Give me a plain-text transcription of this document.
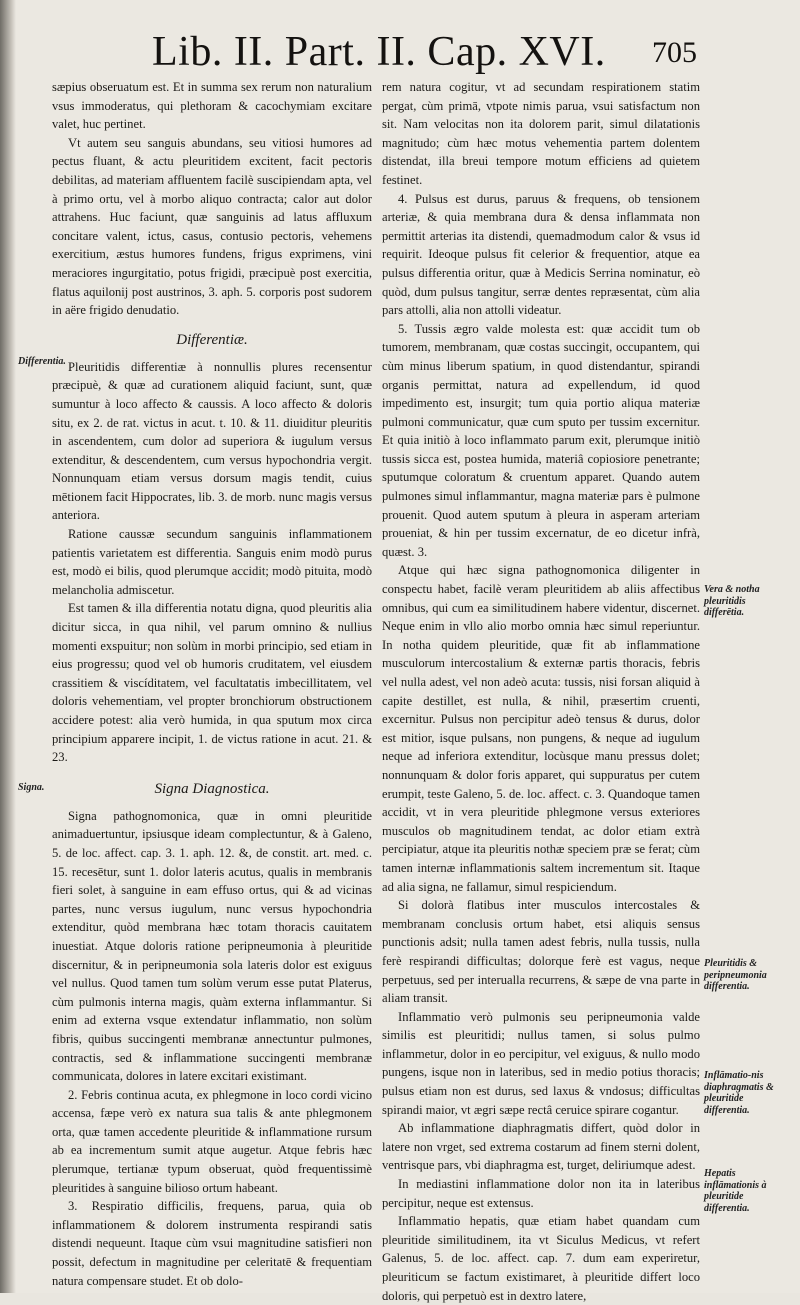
Lib. II. Part. II. Cap. XVI. 705

sæpius obseruatum est. Et in summa sex rerum non naturalium vsus immoderatus, qui plethoram & cacochymiam excitare valet, huc pertinet.

Vt autem seu sanguis abundans, seu vitiosi humores ad pectus fluant, & actu pleuritidem excitent, facit pectoris debilitas, ad materiam affluentem facilè suscipiendam apta, vel à primo ortu, vel à morbo aliquo contracta; calor aut dolor attrahens. Huc faciunt, quæ sanguinis ad latus affluxum concitare valent, ictus, casus, contusio pectoris, vehemens exercitium, æstus humores fundens, frigus exprimens, vini meraciores ingurgitatio, potus frigidi, præcipuè post exercitia, flatus aquilonij post austrinos, 3. aph. 5. corporis post sudorem in aëre frigido denudatio.

Differentiæ.

Pleuritidis differentiæ à nonnullis plures recensentur præcipuè, & quæ ad curationem aliquid faciunt, sunt, quæ sumuntur à loco affecto & caussis. A loco affecto & doloris situ, ex 2. de rat. victus in acut. t. 10. & 11. diuiditur pleuritis in ascendentem, cum dolor ad superiora & iugulum versus extenditur, & descendentem, cum versus hypochondria vergit. Nonnunquam etiam versus dorsum magis tendit, cuius mētionem facit Hippocrates, lib. 3. de morb. nunc magis versus anteriora.

Ratione caussæ secundum sanguinis inflammationem patientis varietatem est differentia. Sanguis enim modò purus est, modò ei bilis, quod plerumque accidit; modò pituita, modò melancholia admiscetur.

Est tamen & illa differentia notatu digna, quod pleuritis alia dicitur sicca, in qua nihil, vel parum omnino & nullius momenti exspuitur; non solùm in morbi principio, sed etiam in eius progressu; quod vel ob humoris cruditatem, vel eiusdem crassitiem & viscíditatem, vel facultatatis imbecillitatem, vel doloris vehementiam, vel propter bronchiorum obstructionem accidere potest: alia verò humida, in qua sputum mox circa principium apparere incipit, 1. de victus ratione in acut. 21. & 23.

Signa Diagnostica.

Signa pathognomonica, quæ in omni pleuritide animaduertuntur, ipsiusque ideam complectuntur, & à Galeno, 5. de loc. affect. cap. 3. 1. aph. 12. &, de constit. art. med. c. 15. recesētur, sunt 1. dolor lateris acutus, qualis in membranis fieri solet, à sanguine in eam effuso ortus, qui & ad vicinas partes, nunc versus iugulum, nunc versus hypochondria extenditur, quòd membrana hæc totam thoracis cauitatem inuestiat. Atque doloris ratione peripneumonia à pleuritide discernitur, & in peripneumonia sola lateris dolor est exiguus vel nullus. Quod tamen tum solùm verum esse putat Platerus, cùm pulmonis interna magis, quàm externa inflammantur. Si enim ad externa vsque extendatur inflammatio, non solùm fibris, quibus succingenti membranæ annectuntur pulmones, contractis, sed & inflammatione succingenti membranæ communicata, dolores in latere excitari existimant.

2. Febris continua acuta, ex phlegmone in loco cordi vicino accensa, fæpe verò ex natura sua talis & ante phlegmonem orta, quæ tamen accedente pleuritide & inflammatione rursum ab ea incrementum sumit atque augetur. Atque febris hæc plerumque, tertianæ typum obseruat, quòd frequentissimè pleuritides à sanguine bilioso ortum habeant.

3. Respiratio difficilis, frequens, parua, quia ob inflammationem & dolorem instrumenta respirandi satis distendi nequeunt. Itaque cùm vsui magnitudine satisfieri non possit, defectum in magnitudine per celeritatē & frequentiam natura compensare studet. Et ob dolo-

rem natura cogitur, vt ad secundam respirationem statim pergat, cùm primā, vtpote nimis parua, vsui satisfactum non sit. Nam velocitas non ita dolorem parit, simul dilatationis magnitudo; cùm hæc motus vehementia partem dolentem distendat, illa breui tempore motum efficiens ad quietem festinet.

4. Pulsus est durus, paruus & frequens, ob tensionem arteriæ, & quia membrana dura & densa inflammata non permittit arterias ita distendi, quemadmodum calor & vsus id requirit. Ideoque pulsus fit celerior & frequentior, atque ea pulsus differentia oritur, quæ à Medicis Serrina nominatur, eò quòd, dum pulsus tangitur, serræ dentes repræsentat, cùm alia pars attolli, alia non attolli videatur.

5. Tussis ægro valde molesta est: quæ accidit tum ob tumorem, membranam, quæ costas succingit, occupantem, qui cùm minus liberum spatium, in quod distendantur, spirandi organis permittat, natura ad expellendum, id quod impedimento est, insurgit; tum quia portio aliqua materiæ pulmoni communicatur, quæ cum sputo per tussim excernitur. Et quia initiò à loco inflammato parum exit, plerumque initiò tussis sicca est, postea humida, materiâ copiosiore penetrante; sputumque coloratum & cruentum apparet. Quando autem pulmones simul inflammantur, magna materiæ pars è pulmone prouenit. Quod autem sputum à pleura in asperam arteriam proueniat, & hin per tussim excernatur, de eo dicetur infrà, quæst. 3.

Atque qui hæc signa pathognomonica diligenter in conspectu habet, facilè veram pleuritidem ab aliis affectibus omnibus, qui cum ea similitudinem habere videntur, discernet. Neque enim in vllo alio morbo omnia hæc simul reperiuntur. In notha quidem pleuritide, quæ fit ab inflammatione musculorum intercostalium & externæ partis thoracis, febris vel nulla adest, vel non adeò acuta: tussis, nisi forsan aliquid à capite destillet, est nulla, & nihil, præsertim cruenti, excernitur. Pulsus non percipitur adeò tensus & durus, dolor est mitior, isque pulsans, non pungens, & neque ad iugulum neque ad inferiora extenditur, locùsque manu pressus dolet; nonnunquam & dolor foris apparet, qui suppuratus per cutem erumpit, teste Galeno, 5. de. loc. affect. c. 3. Quandoque tamen accidit, vt in vera pleuritide phlegmone versus exteriores musculos ob magnitudinem tendat, ac dolor etiam extrà percipiatur, atque ita pleuritis nothæ speciem præ se ferat; cùm tamen internæ inflammationis saltem incrementum sit. Itaque ad alia signa, ne fallamur, simul respiciendum.

Si dolorà flatibus inter musculos intercostales & membranam conclusis ortum habet, etsi aliquis sensus punctionis adsit; nulla tamen adest febris, nulla tussis, nulla ferè respirandi difficultas; dolorque ferè est vagus, neque perpetuus, sed per interualla recurrens, & sæpe de vna parte in aliam transit.

Inflammatio verò pulmonis seu peripneumonia valde similis est pleuritidi; nullus tamen, si solus pulmo inflammetur, dolor in eo percipitur, vel exiguus, & nullo modo pungens, isque non in lateribus, sed in medio potius thoracis; pulsus etiam non est durus, sed laxus & vndosus; difficultas spirandi maior, vt ægri sæpe rectâ ceruice spirare cogantur.

Ab inflammatione diaphragmatis differt, quòd dolor in latere non vrget, sed extrema costarum ad finem sterni dolent, ventrisque pars, vbi diaphragma est, turget, deliriumque adest.

In mediastini inflammatione dolor non ita in lateribus percipitur, neque est extensus.

Inflammatio hepatis, quæ etiam habet quandam cum pleuritide similitudinem, ita vt Siculus Medicus, vt refert Galenus, 5. de loc. affect. cap. 7. dum eam experiretur, pleuriticum se factum existimaret, à pleuritide differt loco doloris, qui perpetuò est in dextro latere,

Differentia.
Signa.
Vera & notha pleuritidis differētia.
Pleuritidis & peripneumonia differentia.
Inflāmatio-nis diaphragmatis & pleuritide differentia.
Hepatis inflāmationis à pleuritide differentia.
